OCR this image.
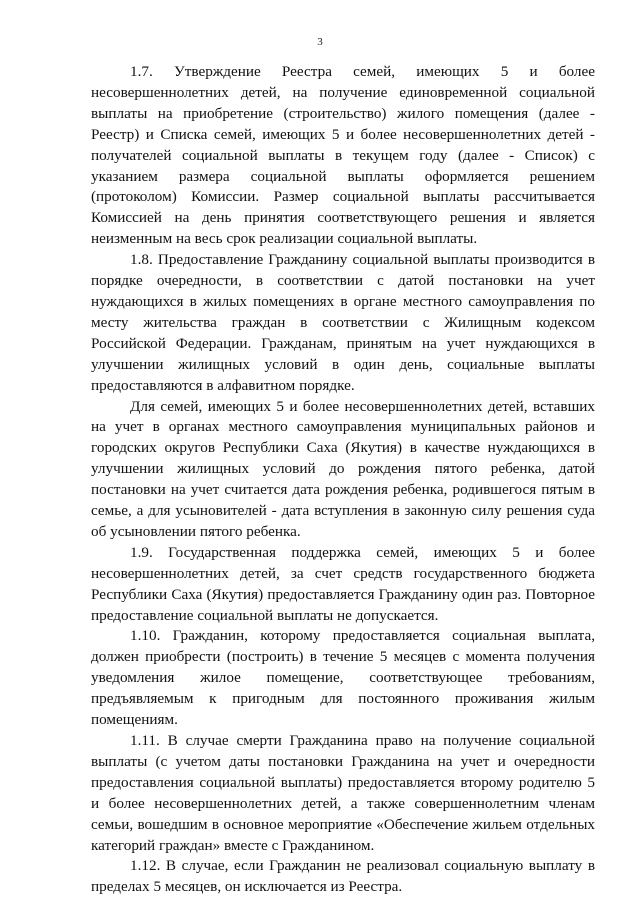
3

1.7. Утверждение Реестра семей, имеющих 5 и более несовершеннолетних детей, на получение единовременной социальной выплаты на приобретение (строительство) жилого помещения (далее - Реестр) и Списка семей, имеющих 5 и более несовершеннолетних детей - получателей социальной выплаты в текущем году (далее - Список) с указанием размера социальной выплаты оформляется решением (протоколом) Комиссии. Размер социальной выплаты рассчитывается Комиссией на день принятия соответствующего решения и является неизменным на весь срок реализации социальной выплаты.

1.8. Предоставление Гражданину социальной выплаты производится в порядке очередности, в соответствии с датой постановки на учет нуждающихся в жилых помещениях в органе местного самоуправления по месту жительства граждан в соответствии с Жилищным кодексом Российской Федерации. Гражданам, принятым на учет нуждающихся в улучшении жилищных условий в один день, социальные выплаты предоставляются в алфавитном порядке.

Для семей, имеющих 5 и более несовершеннолетних детей, вставших на учет в органах местного самоуправления муниципальных районов и городских округов Республики Саха (Якутия) в качестве нуждающихся в улучшении жилищных условий до рождения пятого ребенка, датой постановки на учет считается дата рождения ребенка, родившегося пятым в семье, а для усыновителей - дата вступления в законную силу решения суда об усыновлении пятого ребенка.

1.9. Государственная поддержка семей, имеющих 5 и более несовершеннолетних детей, за счет средств государственного бюджета Республики Саха (Якутия) предоставляется Гражданину один раз. Повторное предоставление социальной выплаты не допускается.

1.10. Гражданин, которому предоставляется социальная выплата, должен приобрести (построить) в течение 5 месяцев с момента получения уведомления жилое помещение, соответствующее требованиям, предъявляемым к пригодным для постоянного проживания жилым помещениям.

1.11. В случае смерти Гражданина право на получение социальной выплаты (с учетом даты постановки Гражданина на учет и очередности предоставления социальной выплаты) предоставляется второму родителю 5 и более несовершеннолетних детей, а также совершеннолетним членам семьи, вошедшим в основное мероприятие «Обеспечение жильем отдельных категорий граждан» вместе с Гражданином.

1.12. В случае, если Гражданин не реализовал социальную выплату в пределах 5 месяцев, он исключается из Реестра.
